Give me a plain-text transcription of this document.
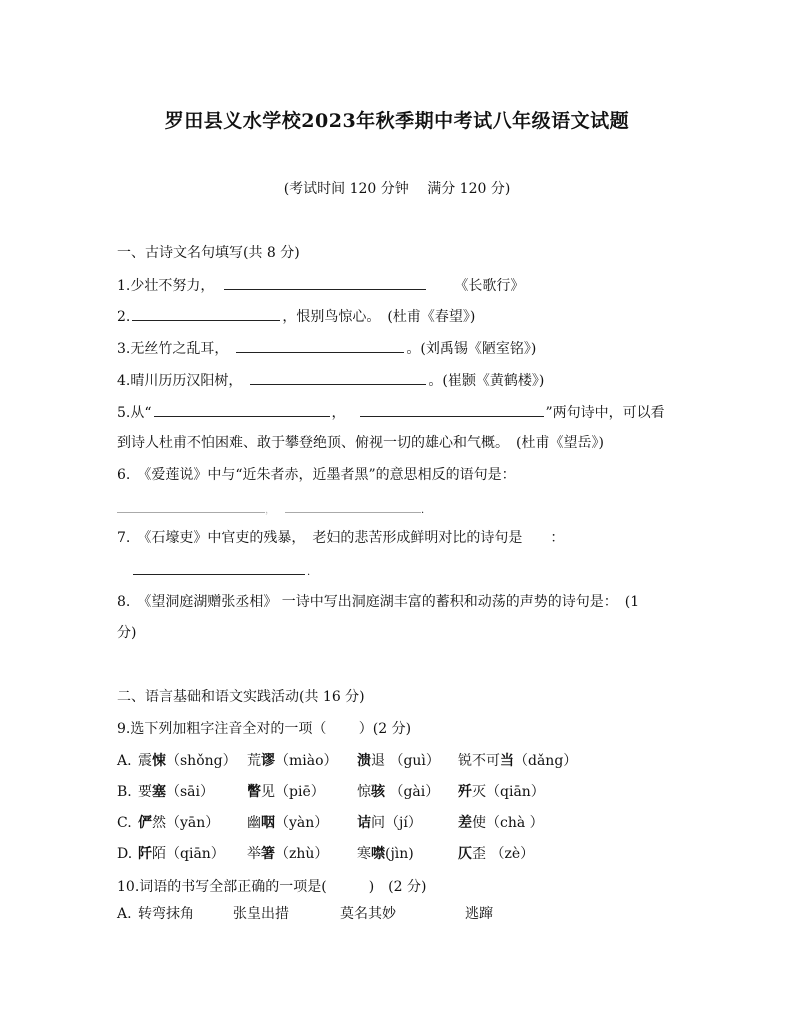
罗田县义水学校2023年秋季期中考试八年级语文试题
(考试时间 120 分钟　 满分 120 分)
一、古诗文名句填写(共 8 分)
1.少壮不努力，	《长歌行》
2.	，恨别鸟惊心。　(杜甫《春望》)
3.无丝竹之乱耳，	。(刘禹锡《陋室铭》)
4.晴川历历汉阳树，	。(崔颢《黄鹤楼》)
5.从“	，	”两句诗中，可以看
到诗人杜甫不怕困难、敢于攀登绝顶、俯视一切的雄心和气概。　(杜甫《望岳》)
6.　《爱莲说》中与“近朱者赤，近墨者黑”的意思相反的语句是：
，	.
7.　《石壕吏》中官吏的残暴，　老妇的悲苦形成鲜明对比的诗句是　　：
.
8.　《望洞庭湖赠张丞相》 一诗中写出洞庭湖丰富的蓄积和动荡的声势的诗句是：　(1
分)
二、语言基础和语文实践活动(共 16 分)
9.选下列加粗字注音全对的一项（　　 ）(2 分)
A. 震悚（shǒng） 荒谬（miào） 溃退 （guì） 锐不可当（dǎng）
B. 要塞（sāi） 瞥见（piē） 惊骇 （gài） 歼灭（qiān）
C. 俨然（yān） 幽咽（yàn） 诘问（jí）	差使（chà ）
D. 阡陌（qiān） 举箸（zhù） 寒噤(jìn)	仄歪 （zè）
10.词语的书写全部正确的一项是(　　　)　(2 分)
A. 转弯抹角	张皇出措	莫名其妙	逃蹿
